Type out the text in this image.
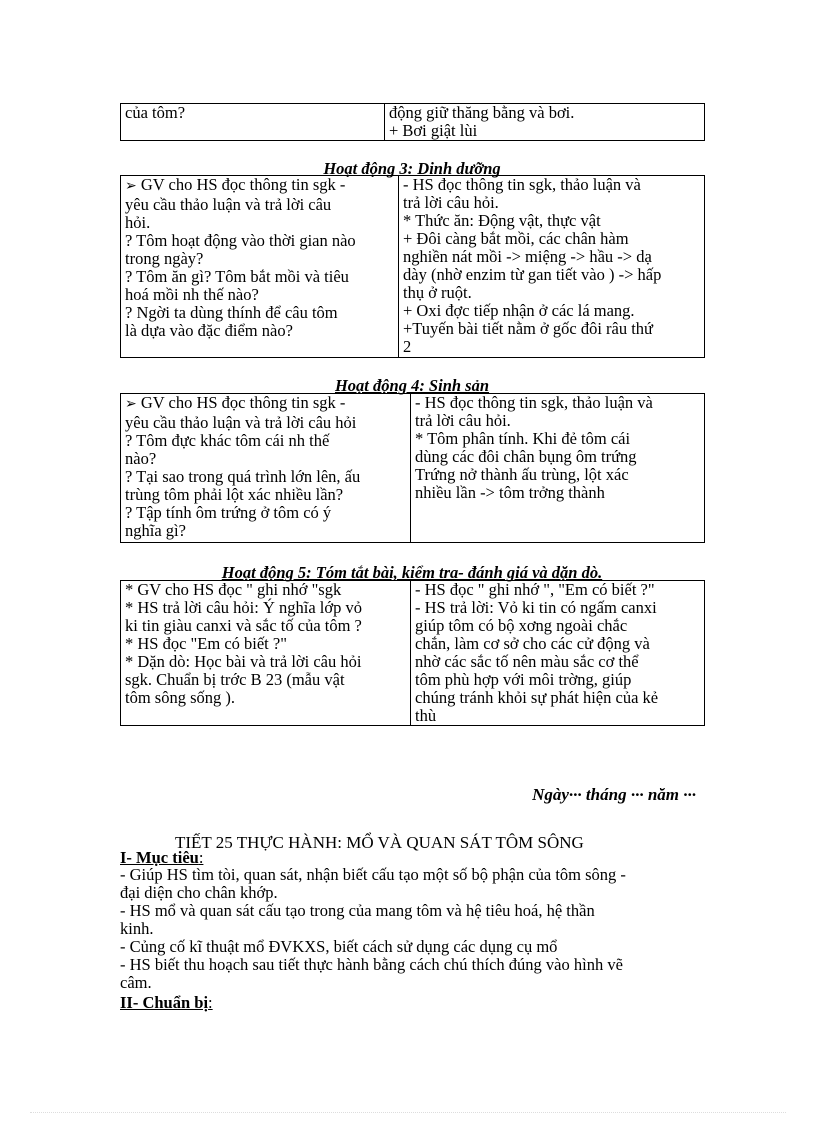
của tôm?	động giữ thăng bằng và bơi.
+ Bơi giật lùi
Hoạt động 3: Dinh dưỡng
➢ GV cho HS đọc thông tin sgk -
yêu cầu thảo luận và trả lời câu
hỏi.
? Tôm hoạt động vào thời gian nào
trong ngày?
? Tôm ăn gì? Tôm bắt mồi và tiêu
hoá mồi nh thế nào?
? Ngời ta dùng thính để câu tôm
là dựa vào đặc điểm nào?

- HS đọc thông tin sgk, thảo luận và
trả lời câu hỏi.
* Thức ăn: Động vật, thực vật
+ Đôi càng bắt mồi, các chân hàm
nghiền nát mồi -> miệng -> hầu -> dạ
dày (nhờ enzim từ gan tiết vào ) -> hấp
thụ ở ruột.
+ Oxi đợc tiếp nhận ở các lá mang.
+Tuyến bài tiết nằm ở gốc đôi râu thứ
2
Hoạt động 4: Sinh sản
➢ GV cho HS đọc thông tin sgk -
yêu cầu thảo luận và trả lời câu hỏi
? Tôm đực khác tôm cái nh thế
nào?
? Tại sao trong quá trình lớn lên, ấu
trùng tôm phải lột xác nhiều lần?
? Tập tính ôm trứng ở tôm có ý
nghĩa gì?

- HS đọc thông tin sgk, thảo luận và
trả lời câu hỏi.
* Tôm phân tính. Khi đẻ tôm cái
dùng các đôi chân bụng ôm trứng
Trứng nở thành ấu trùng, lột xác
nhiều lần -> tôm trởng thành
Hoạt động 5: Tóm tắt bài, kiểm tra- đánh giá và dặn dò.
* GV cho HS đọc " ghi nhớ "sgk
* HS trả lời câu hỏi: Ý nghĩa lớp vỏ
ki tin giàu canxi và sắc tố của tôm ?
* HS đọc "Em có biết ?"
* Dặn dò: Học bài và trả lời câu hỏi
sgk. Chuẩn bị trớc B 23 (mẫu vật
tôm sông sống ).

- HS đọc " ghi nhớ ", "Em có biết ?"
- HS trả lời: Vỏ ki tin có ngấm canxi
giúp tôm có bộ xơng ngoài chắc
chắn, làm cơ sở cho các cử động và
nhờ các sắc tố nên màu sắc cơ thể
tôm phù hợp với môi trờng, giúp
chúng tránh khỏi sự phát hiện của kẻ
thù
Ngày··· tháng ··· năm ···
TIẾT 25 THỰC HÀNH: MỔ VÀ QUAN SÁT TÔM SÔNG
I- Mục tiêu:
- Giúp HS tìm tòi, quan sát, nhận biết cấu tạo một số bộ phận của tôm sông -
đại diện cho chân khớp.
- HS mổ và quan sát cấu tạo trong của mang tôm và hệ tiêu hoá, hệ thần
kinh.
- Củng cố kĩ thuật mổ ĐVKXS, biết cách sử dụng các dụng cụ mổ
- HS biết thu hoạch sau tiết thực hành bằng cách chú thích đúng vào hình vẽ
câm.
II- Chuẩn bị:
